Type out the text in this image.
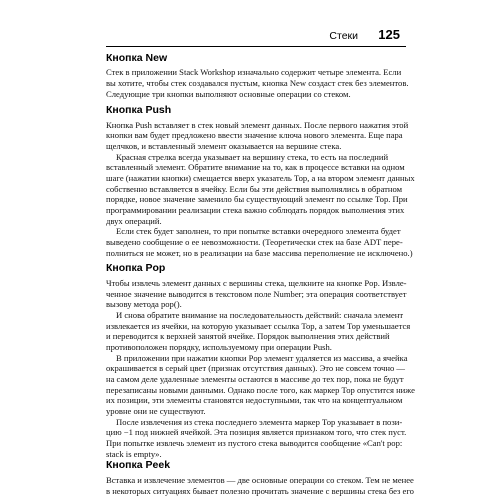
Стеки 125
Кнопка New
Стек в приложении Stack Workshop изначально содержит четыре элемента. Если
вы хотите, чтобы стек создавался пустым, кнопка New создаст стек без элементов.
Следующие три кнопки выполняют основные операции со стеком.
Кнопка Push
Кнопка Push вставляет в стек новый элемент данных. После первого нажатия этой
кнопки вам будет предложено ввести значение ключа нового элемента. Еще пара
щелчков, и вставленный элемент оказывается на вершине стека.
Красная стрелка всегда указывает на вершину стека, то есть на последний
вставленный элемент. Обратите внимание на то, как в процессе вставки на одном
шаге (нажатии кнопки) смещается вверх указатель Top, а на втором элемент данных
собственно вставляется в ячейку. Если бы эти действия выполнялись в обратном
порядке, новое значение заменило бы существующий элемент по ссылке Top. При
программировании реализации стека важно соблюдать порядок выполнения этих
двух операций.
Если стек будет заполнен, то при попытке вставки очередного элемента будет
выведено сообщение о ее невозможности. (Теоретически стек на базе ADT пере-
полниться не может, но в реализации на базе массива переполнение не исключено.)
Кнопка Pop
Чтобы извлечь элемент данных с вершины стека, щелкните на кнопке Pop. Извле-
ченное значение выводится в текстовом поле Number; эта операция соответствует
вызову метода pop().
И снова обратите внимание на последовательность действий: сначала элемент
извлекается из ячейки, на которую указывает ссылка Top, а затем Top уменьшается
и переводится к верхней занятой ячейке. Порядок выполнения этих действий
противоположен порядку, используемому при операции Push.
В приложении при нажатии кнопки Pop элемент удаляется из массива, а ячейка
окрашивается в серый цвет (признак отсутствия данных). Это не совсем точно —
на самом деле удаленные элементы остаются в массиве до тех пор, пока не будут
перезаписаны новыми данными. Однако после того, как маркер Top опустится ниже
их позиции, эти элементы становятся недоступными, так что на концептуальном
уровне они не существуют.
После извлечения из стека последнего элемента маркер Top указывает в пози-
цию −1 под нижней ячейкой. Эта позиция является признаком того, что стек пуст.
При попытке извлечь элемент из пустого стека выводится сообщение «Can't pop:
stack is empty».
Кнопка Peek
Вставка и извлечение элементов — две основные операции со стеком. Тем не менее
в некоторых ситуациях бывает полезно прочитать значение с вершины стека без его
